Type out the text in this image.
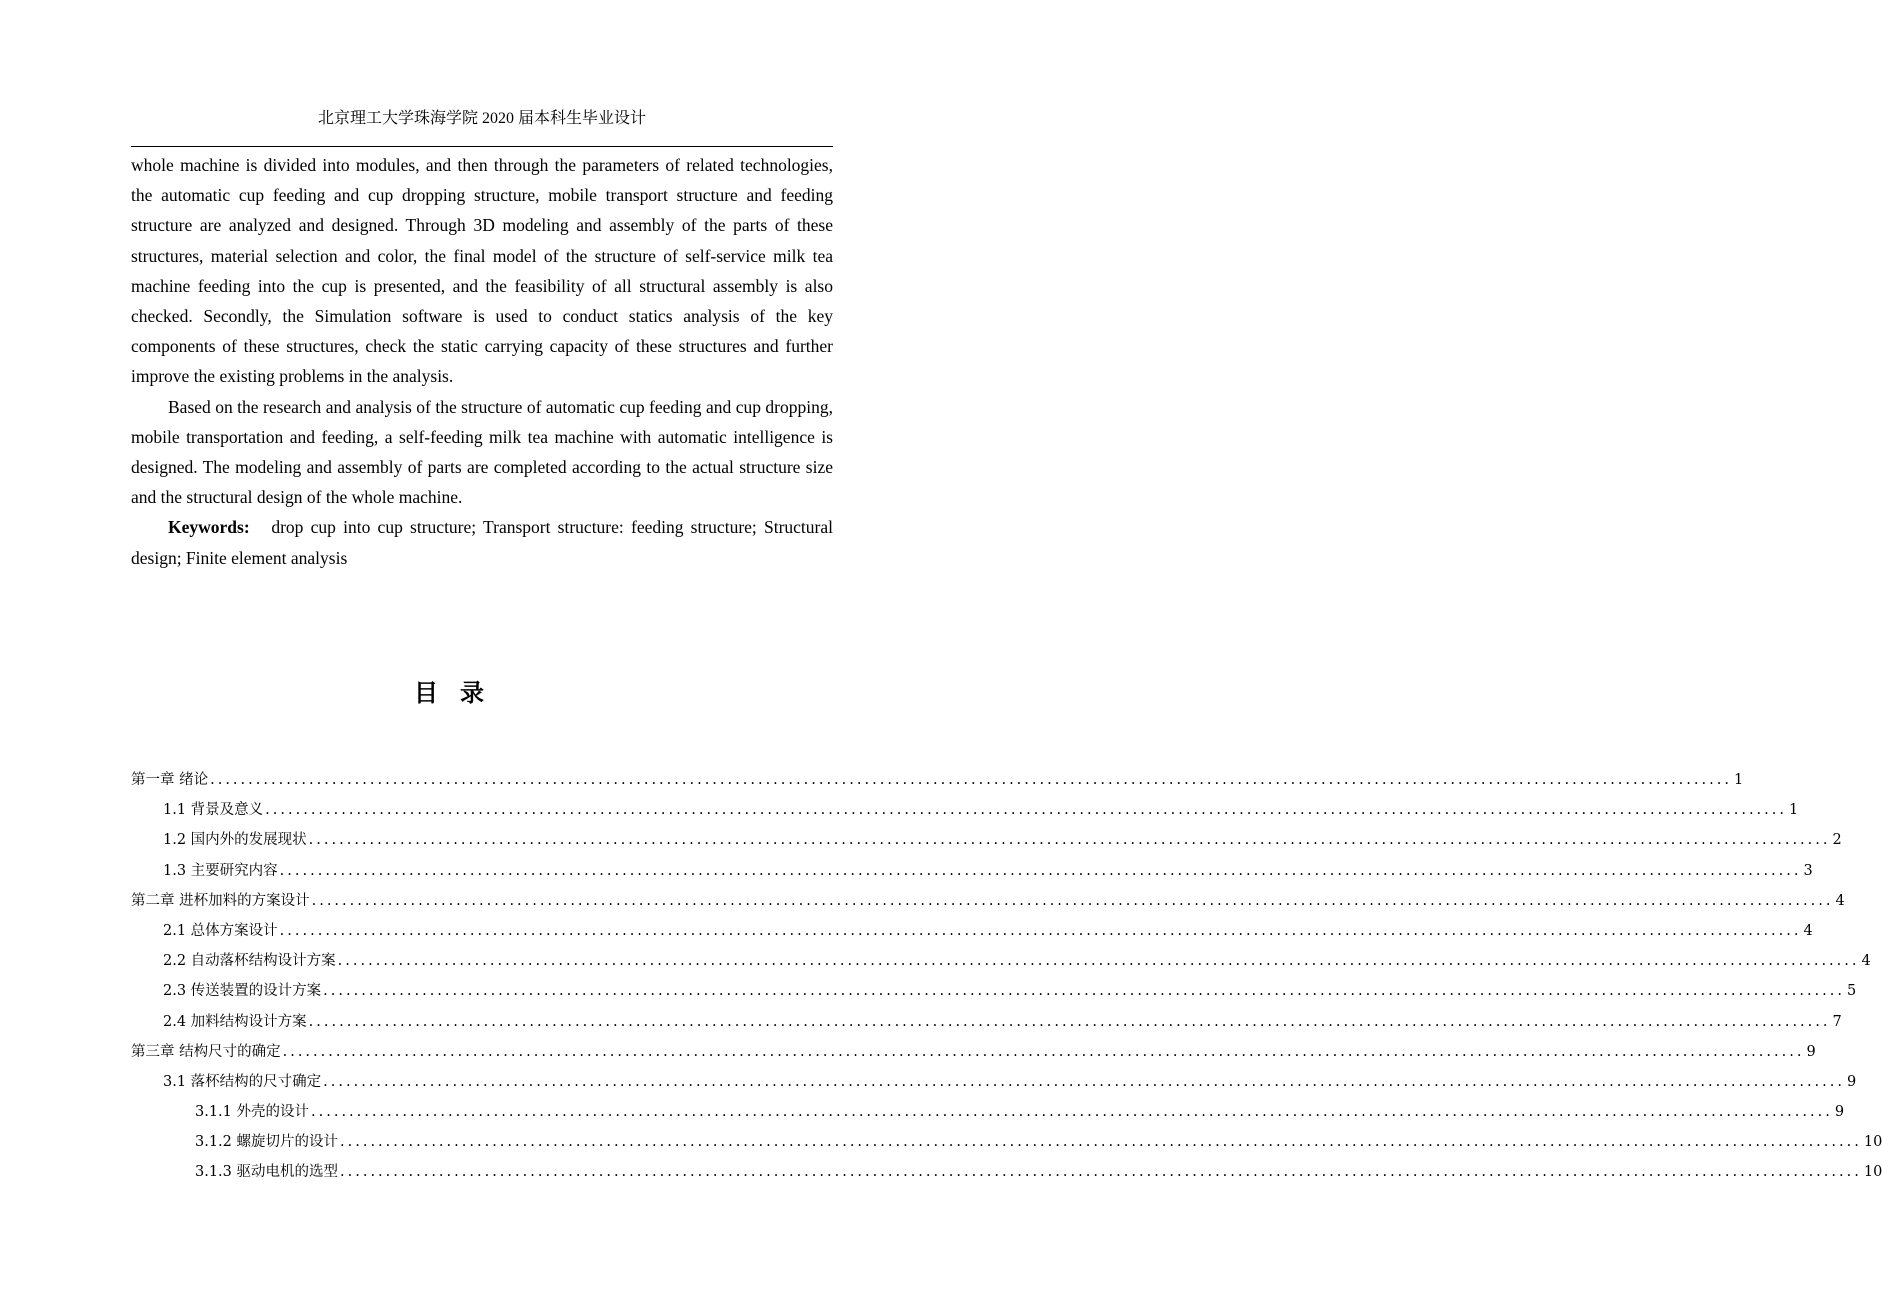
北京理工大学珠海学院 2020 届本科生毕业设计

whole machine is divided into modules, and then through the parameters of related technologies, the automatic cup feeding and cup dropping structure, mobile transport structure and feeding structure are analyzed and designed. Through 3D modeling and assembly of the parts of these structures, material selection and color, the final model of the structure of self-service milk tea machine feeding into the cup is presented, and the feasibility of all structural assembly is also checked. Secondly, the Simulation software is used to conduct statics analysis of the key components of these structures, check the static carrying capacity of these structures and further improve the existing problems in the analysis.

Based on the research and analysis of the structure of automatic cup feeding and cup dropping, mobile transportation and feeding, a self-feeding milk tea machine with automatic intelligence is designed. The modeling and assembly of parts are completed according to the actual structure size and the structural design of the whole machine.

Keywords: drop cup into cup structure; Transport structure: feeding structure; Structural design; Finite element analysis

目录
第一章 绪论 ........................................................................................................................................................................................................ 1
1.1 背景及意义 ........................................................................................................................................................................................................ 1
1.2 国内外的发展现状 ........................................................................................................................................................................................................ 2
1.3 主要研究内容 ........................................................................................................................................................................................................ 3
第二章 进杯加料的方案设计 ........................................................................................................................................................................................................ 4
2.1 总体方案设计 ........................................................................................................................................................................................................ 4
2.2 自动落杯结构设计方案 ........................................................................................................................................................................................................ 4
2.3 传送装置的设计方案 ........................................................................................................................................................................................................ 5
2.4 加料结构设计方案 ........................................................................................................................................................................................................ 7
第三章 结构尺寸的确定 ........................................................................................................................................................................................................ 9
3.1 落杯结构的尺寸确定 ........................................................................................................................................................................................................ 9
3.1.1 外壳的设计 ........................................................................................................................................................................................................ 9
3.1.2 螺旋切片的设计 ........................................................................................................................................................................................................ 10
3.1.3 驱动电机的选型 ........................................................................................................................................................................................................ 10
